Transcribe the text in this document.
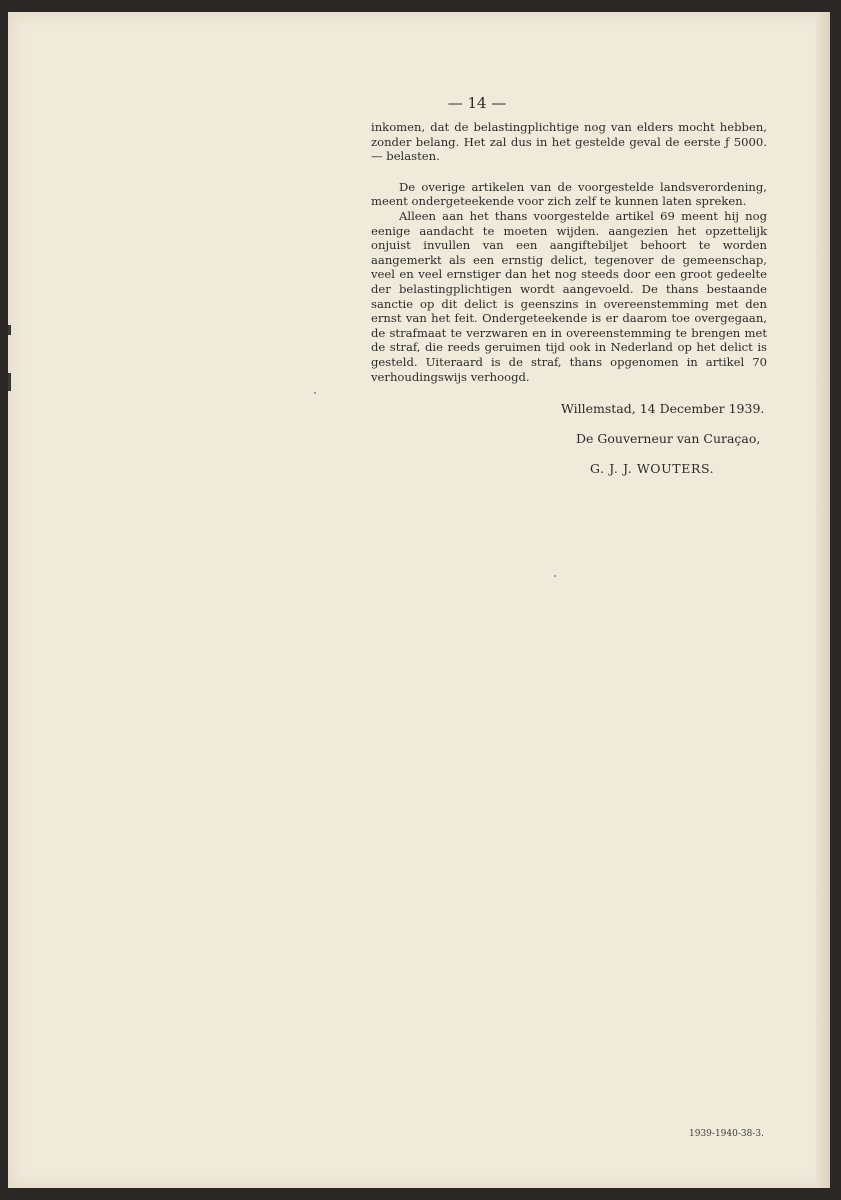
— 14 —

inkomen, dat de belastingplichtige nog van elders mocht hebben, zonder belang. Het zal dus in het gestelde geval de eerste ƒ 5000.— belasten.

De overige artikelen van de voorgestelde landsverordening, meent ondergeteekende voor zich zelf te kunnen laten spreken.

Alleen aan het thans voorgestelde artikel 69 meent hij nog eenige aandacht te moeten wijden. aangezien het opzettelijk onjuist invullen van een aangiftebiljet behoort te worden aangemerkt als een ernstig delict, tegenover de gemeenschap, veel en veel ernstiger dan het nog steeds door een groot gedeelte der belastingplichtigen wordt aangevoeld. De thans bestaande sanctie op dit delict is geenszins in overeenstemming met den ernst van het feit. Ondergeteekende is er daarom toe overgegaan, de strafmaat te verzwaren en in overeenstemming te brengen met de straf, die reeds geruimen tijd ook in Nederland op het delict is gesteld. Uiteraard is de straf, thans opgenomen in artikel 70 verhoudingswijs verhoogd.

Willemstad, 14 December 1939.
De Gouverneur van Curaçao,
G. J. J. WOUTERS.
1939-1940-38-3.
